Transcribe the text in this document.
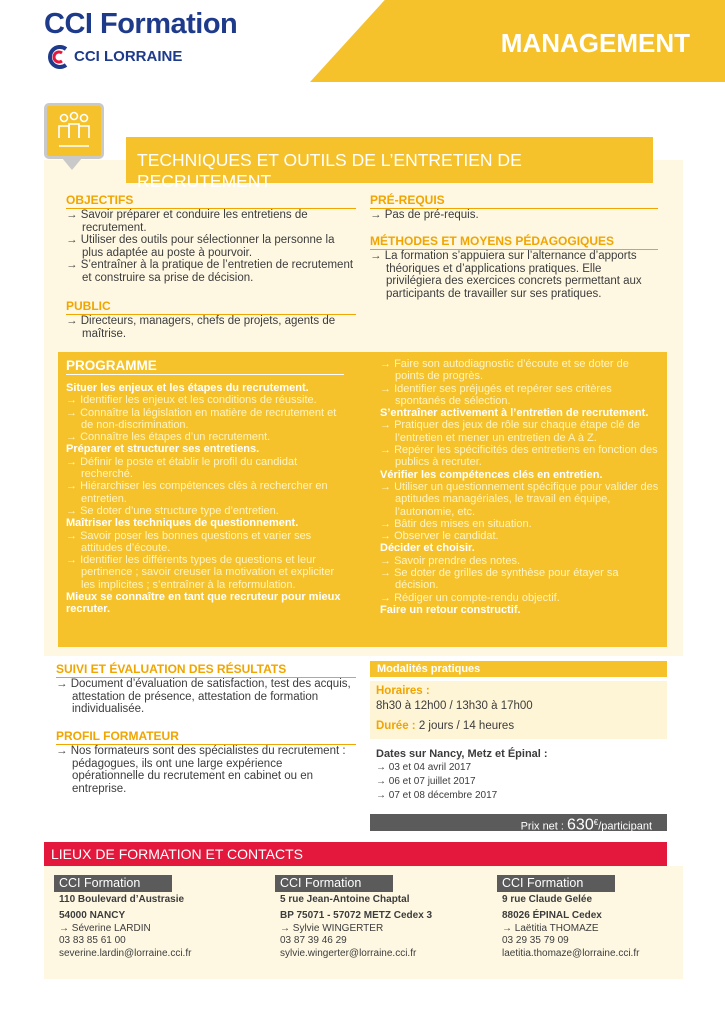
CCI Formation
CCI LORRAINE	MANAGEMENT
TECHNIQUES ET OUTILS DE L’ENTRETIEN DE RECRUTEMENT
OBJECTIFS
→ Savoir préparer et conduire les entretiens de recrutement.
→ Utiliser des outils pour sélectionner la personne la plus adaptée au poste à pourvoir.
→ S’entraîner à la pratique de l’entretien de recrutement et construire sa prise de décision.
PUBLIC
→ Directeurs, managers, chefs de projets, agents de maîtrise.
PRÉ-REQUIS
→ Pas de pré-requis.
MÉTHODES ET MOYENS PÉDAGOGIQUES
→ La formation s’appuiera sur l’alternance d’apports théoriques et d’applications pratiques. Elle privilégiera des exercices concrets permettant aux participants de travailler sur ses pratiques.
PROGRAMME
Situer les enjeux et les étapes du recrutement.
→ Identifier les enjeux et les conditions de réussite.
→ Connaître la législation en matière de recrutement et de non-discrimination.
→ Connaître les étapes d’un recrutement.
Préparer et structurer ses entretiens.
→ Définir le poste et établir le profil du candidat recherché.
→ Hiérarchiser les compétences clés à rechercher en entretien.
→ Se doter d’une structure type d’entretien.
Maîtriser les techniques de questionnement.
→ Savoir poser les bonnes questions et varier ses attitudes d’écoute.
→ Identifier les différents types de questions et leur pertinence ; savoir creuser la motivation et expliciter les implicites ; s’entraîner à la reformulation.
Mieux se connaître en tant que recruteur pour mieux recruter.
→ Faire son autodiagnostic d’écoute et se doter de points de progrès.
→ Identifier ses préjugés et repérer ses critères spontanés de sélection.
S’entraîner activement à l’entretien de recrutement.
→ Pratiquer des jeux de rôle sur chaque étape clé de l’entretien et mener un entretien de A à Z.
→ Repérer les spécificités des entretiens en fonction des publics à recruter.
Vérifier les compétences clés en entretien.
→ Utiliser un questionnement spécifique pour valider des aptitudes managériales, le travail en équipe, l’autonomie, etc.
→ Bâtir des mises en situation.
→ Observer le candidat.
Décider et choisir.
→ Savoir prendre des notes.
→ Se doter de grilles de synthèse pour étayer sa décision.
→ Rédiger un compte-rendu objectif.
Faire un retour constructif.
SUIVI ET ÉVALUATION DES RÉSULTATS
→ Document d’évaluation de satisfaction, test des acquis, attestation de présence, attestation de formation individualisée.
PROFIL FORMATEUR
→ Nos formateurs sont des spécialistes du recrutement : pédagogues, ils ont une large expérience opérationnelle du recrutement en cabinet ou en entreprise.
Modalités pratiques
Horaires :
8h30 à 12h00 / 13h30 à 17h00
Durée : 2 jours / 14 heures
Dates sur Nancy, Metz et Épinal :
→ 03 et 04 avril 2017
→ 06 et 07 juillet 2017
→ 07 et 08 décembre 2017
Prix net : 630€/participant
LIEUX DE FORMATION ET CONTACTS
CCI Formation
110 Boulevard d’Austrasie
54000 NANCY
→ Séverine LARDIN
03 83 85 61 00
severine.lardin@lorraine.cci.fr
CCI Formation
5 rue Jean-Antoine Chaptal
BP 75071 - 57072 METZ Cedex 3
→ Sylvie WINGERTER
03 87 39 46 29
sylvie.wingerter@lorraine.cci.fr
CCI Formation
9 rue Claude Gelée
88026 ÉPINAL Cedex
→ Laëtitia THOMAZE
03 29 35 79 09
laetitia.thomaze@lorraine.cci.fr
